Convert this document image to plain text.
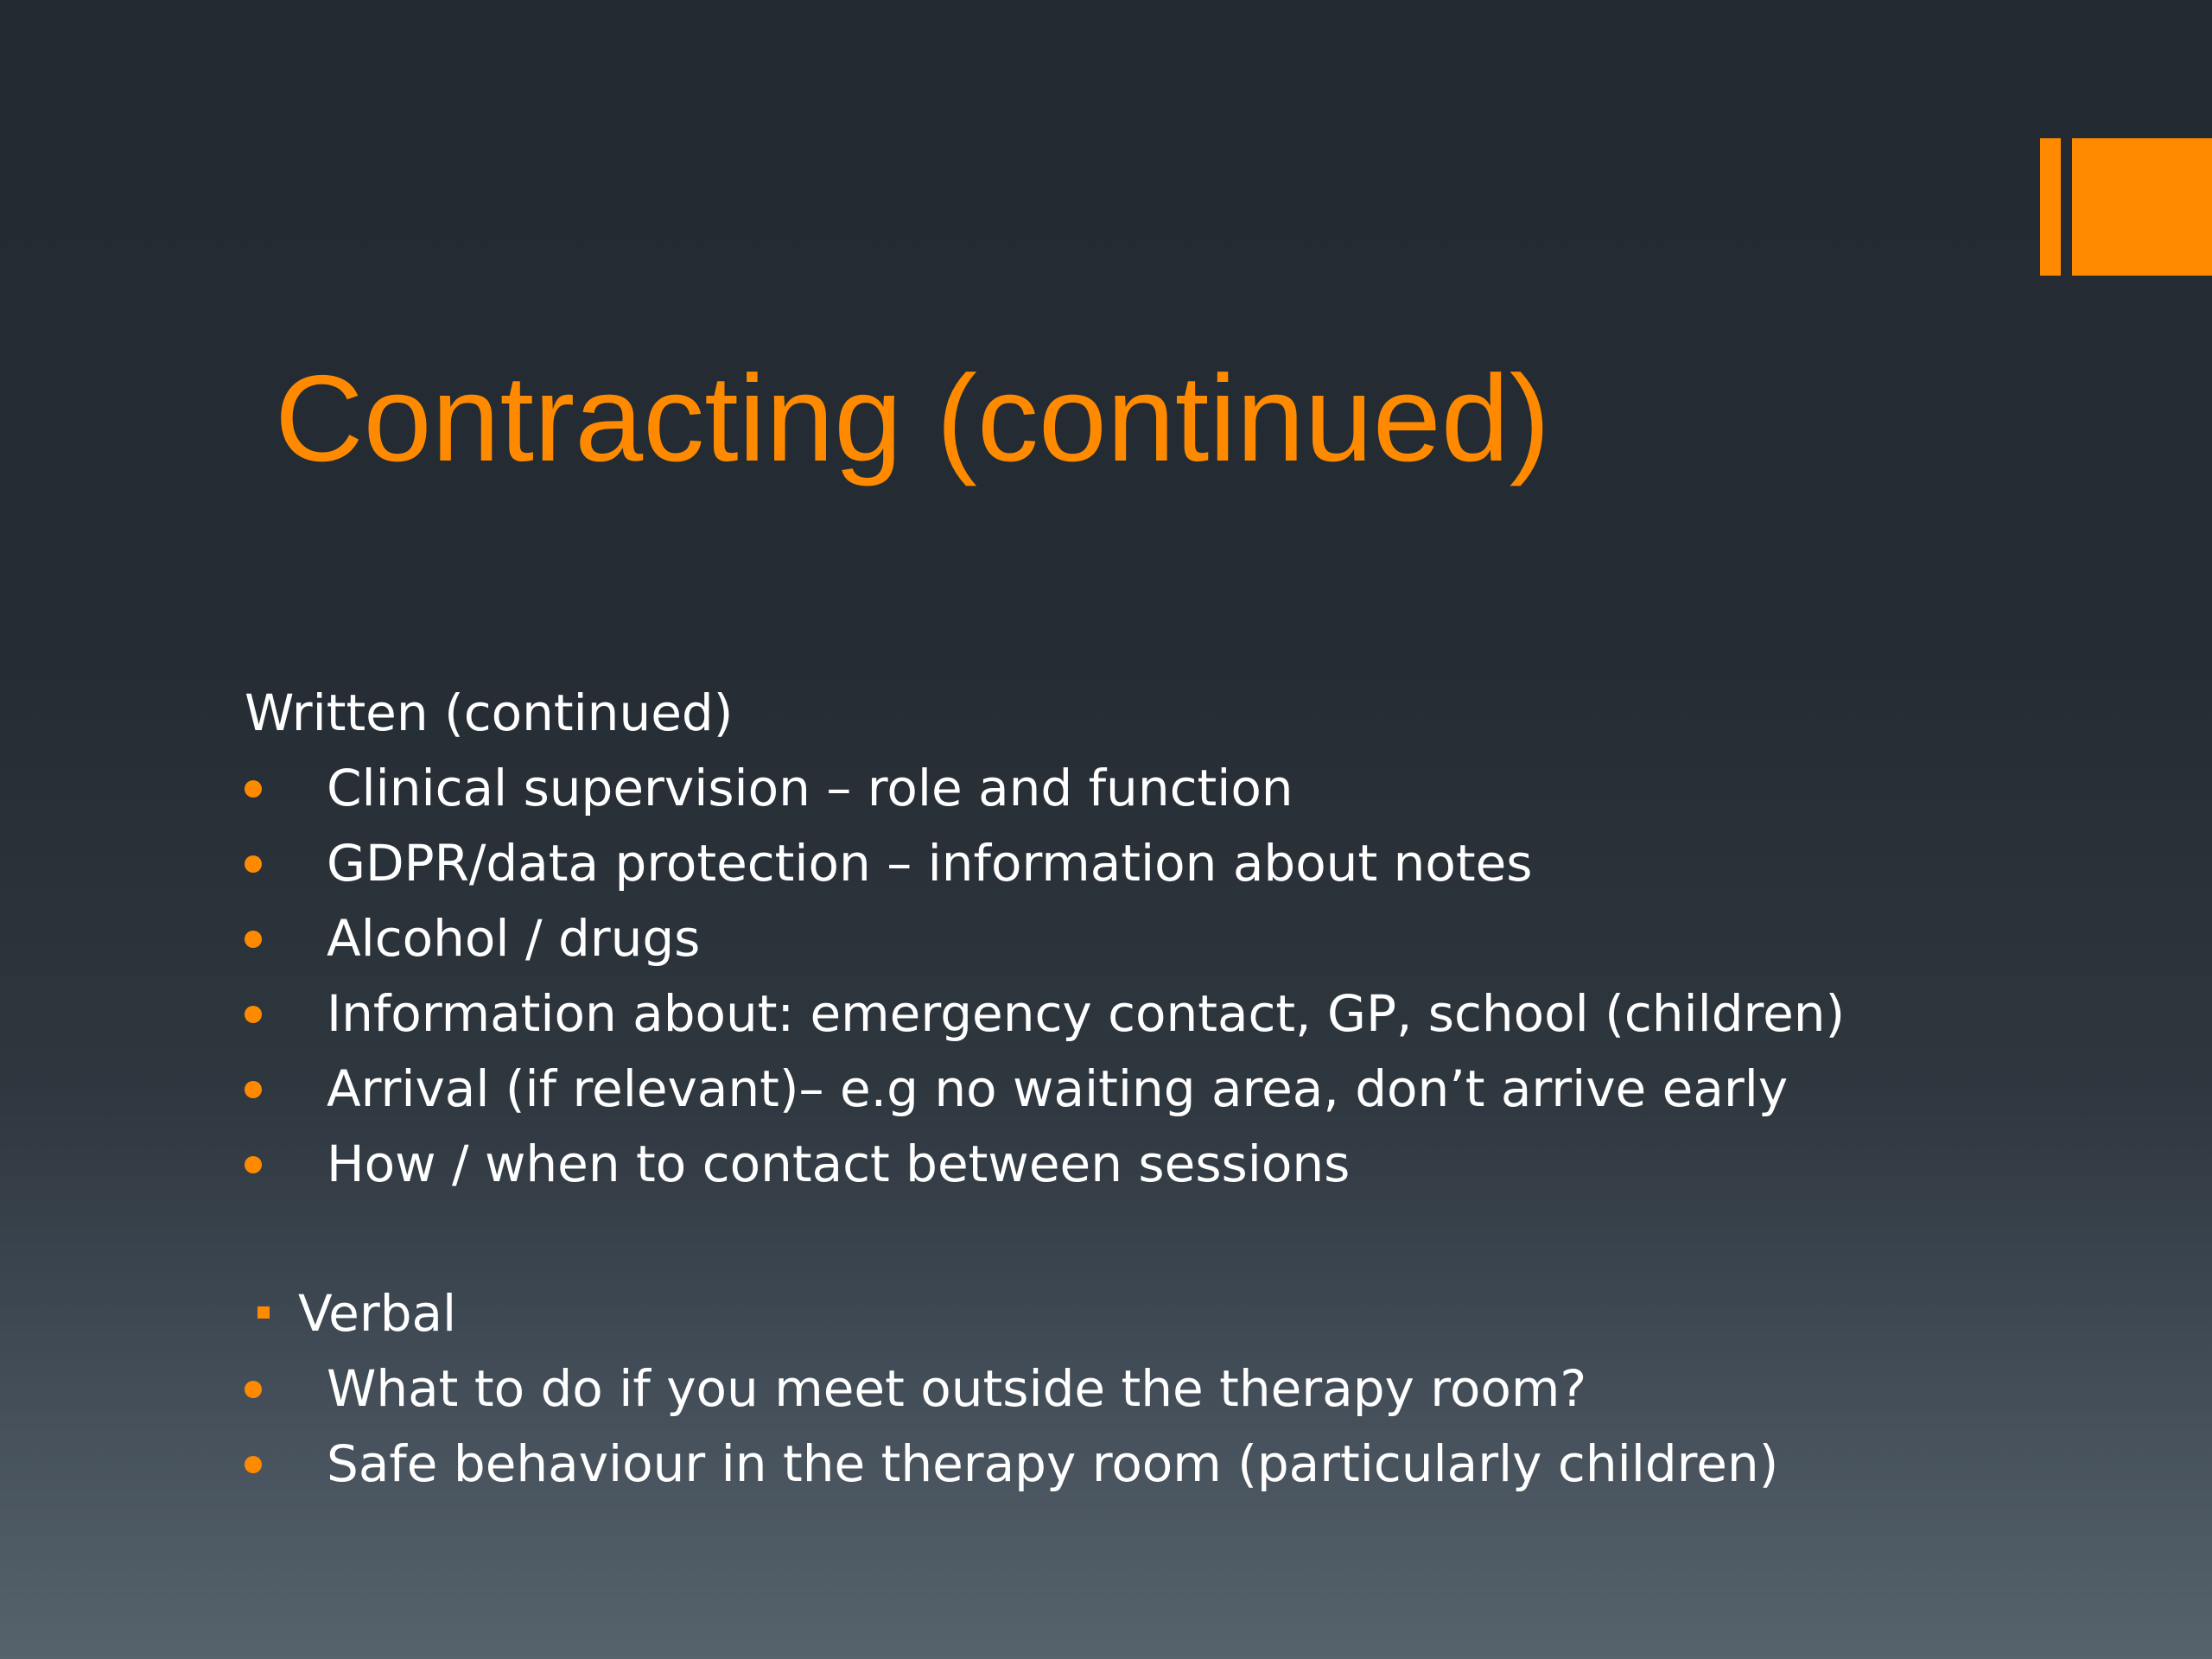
Contracting (continued)
Written (continued)
Clinical supervision – role and function
GDPR/data protection – information about notes
Alcohol / drugs
Information about: emergency contact, GP, school (children)
Arrival (if relevant)– e.g no waiting area, don’t arrive early
How / when to contact between sessions
Verbal
What to do if you meet outside the therapy room?
Safe behaviour in the therapy room (particularly children)
